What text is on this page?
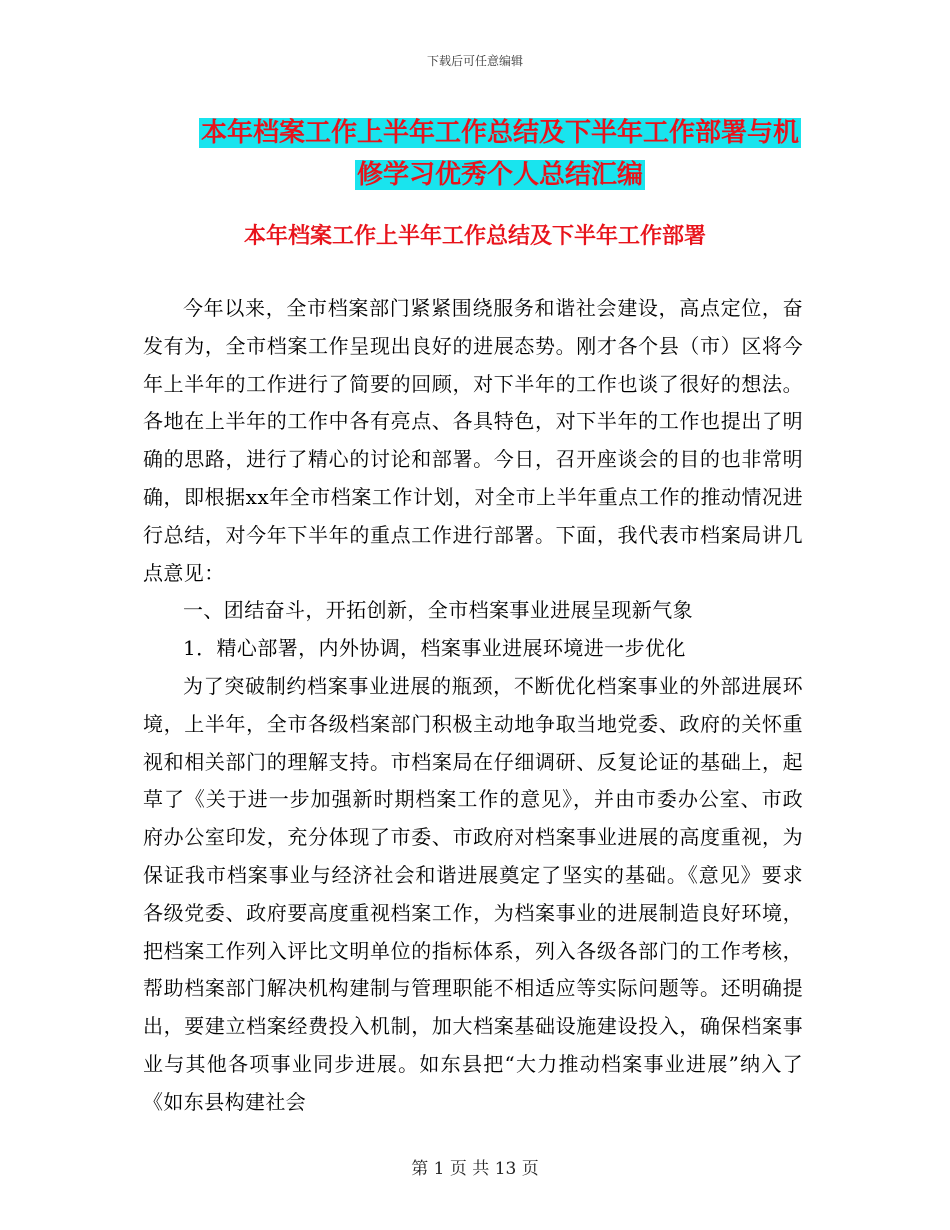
下载后可任意编辑
本年档案工作上半年工作总结及下半年工作部署与机
修学习优秀个人总结汇编
本年档案工作上半年工作总结及下半年工作部署

今年以来，全市档案部门紧紧围绕服务和谐社会建设，高点定位，奋发有为，全市档案工作呈现出良好的进展态势。刚才各个县（市）区将今年上半年的工作进行了简要的回顾，对下半年的工作也谈了很好的想法。各地在上半年的工作中各有亮点、各具特色，对下半年的工作也提出了明确的思路，进行了精心的讨论和部署。今日，召开座谈会的目的也非常明确，即根据xx年全市档案工作计划，对全市上半年重点工作的推动情况进行总结，对今年下半年的重点工作进行部署。下面，我代表市档案局讲几点意见：

一、团结奋斗，开拓创新，全市档案事业进展呈现新气象

1．精心部署，内外协调，档案事业进展环境进一步优化

为了突破制约档案事业进展的瓶颈，不断优化档案事业的外部进展环境，上半年，全市各级档案部门积极主动地争取当地党委、政府的关怀重视和相关部门的理解支持。市档案局在仔细调研、反复论证的基础上，起草了《关于进一步加强新时期档案工作的意见》，并由市委办公室、市政府办公室印发，充分体现了市委、市政府对档案事业进展的高度重视，为保证我市档案事业与经济社会和谐进展奠定了坚实的基础。《意见》要求各级党委、政府要高度重视档案工作，为档案事业的进展制造良好环境，把档案工作列入评比文明单位的指标体系，列入各级各部门的工作考核，帮助档案部门解决机构建制与管理职能不相适应等实际问题等。还明确提出，要建立档案经费投入机制，加大档案基础设施建设投入，确保档案事业与其他各项事业同步进展。如东县把“大力推动档案事业进展”纳入了《如东县构建社会

第 1 页 共 13 页
